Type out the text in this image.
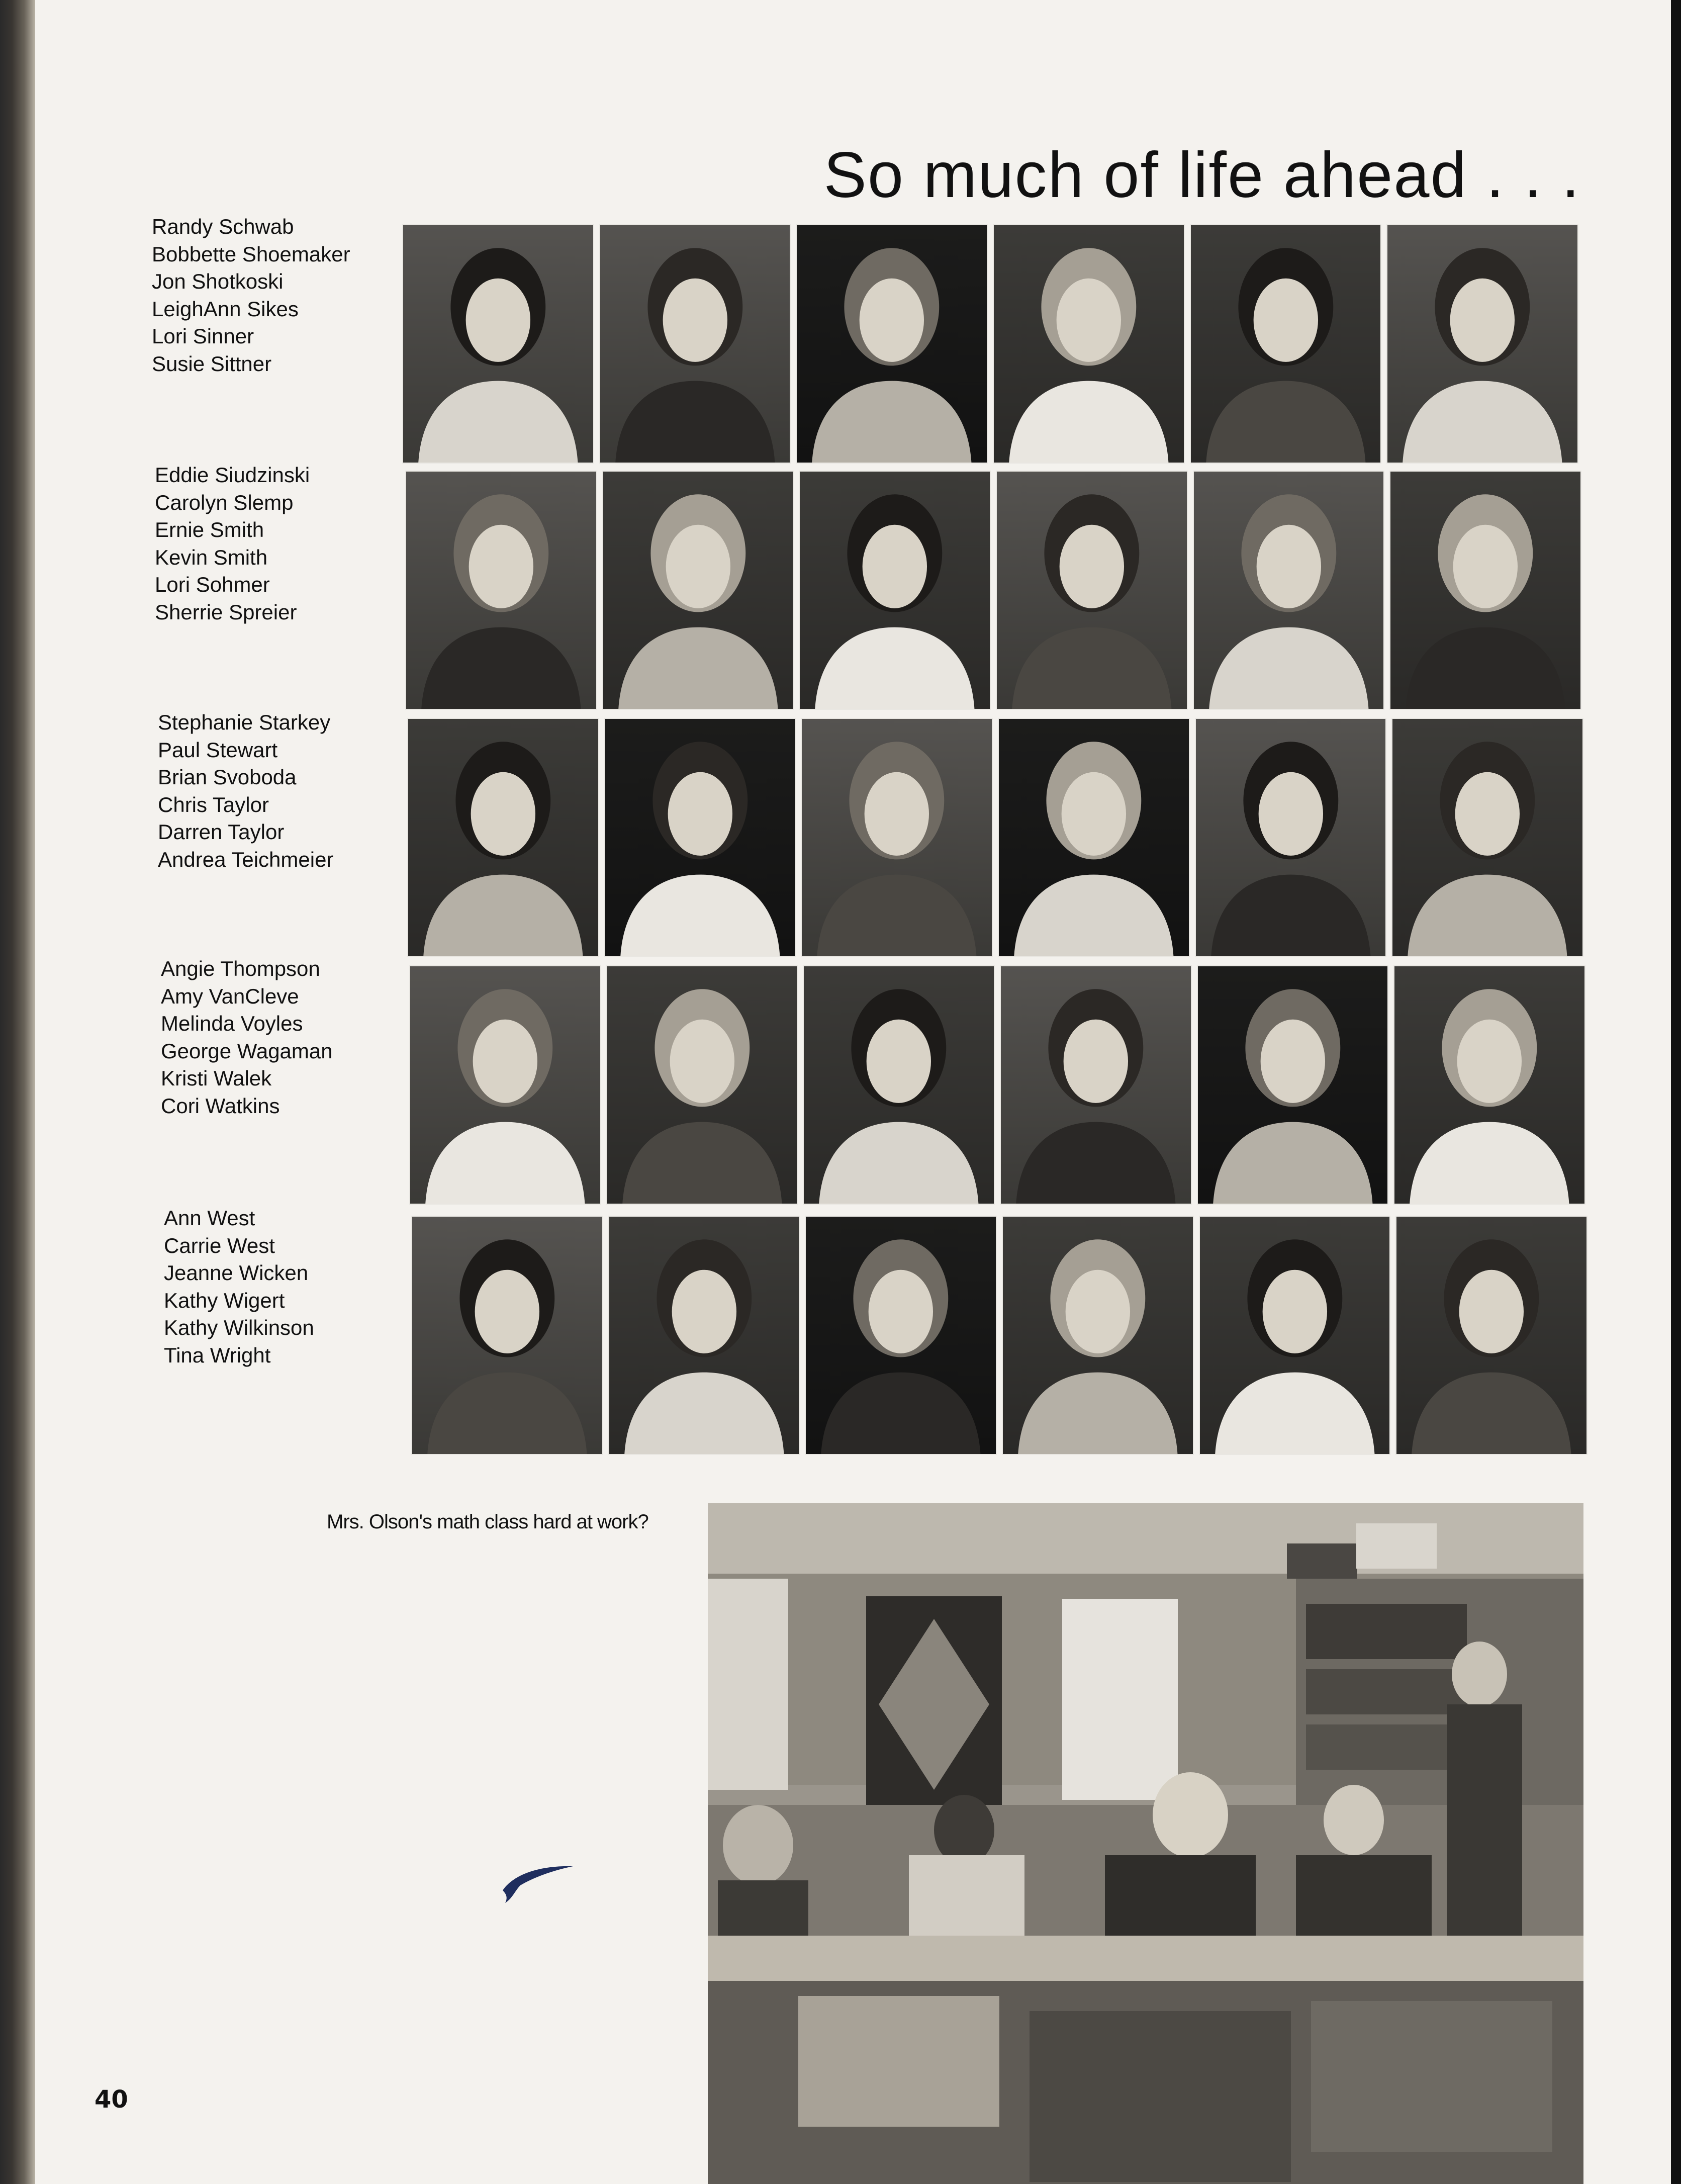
So much of life ahead . . .
Randy Schwab
Bobbette Shoemaker
Jon Shotkoski
LeighAnn Sikes
Lori Sinner
Susie Sittner
Eddie Siudzinski
Carolyn Slemp
Ernie Smith
Kevin Smith
Lori Sohmer
Sherrie Spreier
Stephanie Starkey
Paul Stewart
Brian Svoboda
Chris Taylor
Darren Taylor
Andrea Teichmeier
Angie Thompson
Amy VanCleve
Melinda Voyles
George Wagaman
Kristi Walek
Cori Watkins
Ann West
Carrie West
Jeanne Wicken
Kathy Wigert
Kathy Wilkinson
Tina Wright
Mrs. Olson's math class hard at work?
40
